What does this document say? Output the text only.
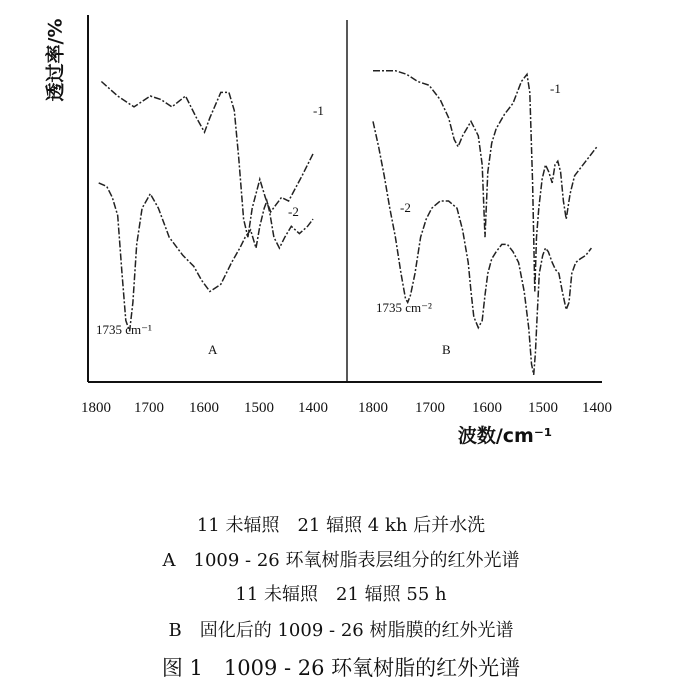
透过率/%
波数/cm⁻¹
1800 1700 1600 1500 1400 1800 1700 1600 1500 1400
-1
-2
1735 cm⁻¹
A
-1
-2
1735 cm⁻²
B
11 未辐照　21 辐照 4 kh 后并水洗
A　1009 - 26 环氧树脂表层组分的红外光谱
11 未辐照　21 辐照 55 h
B　固化后的 1009 - 26 树脂膜的红外光谱
图 1　1009 - 26 环氧树脂的红外光谱
